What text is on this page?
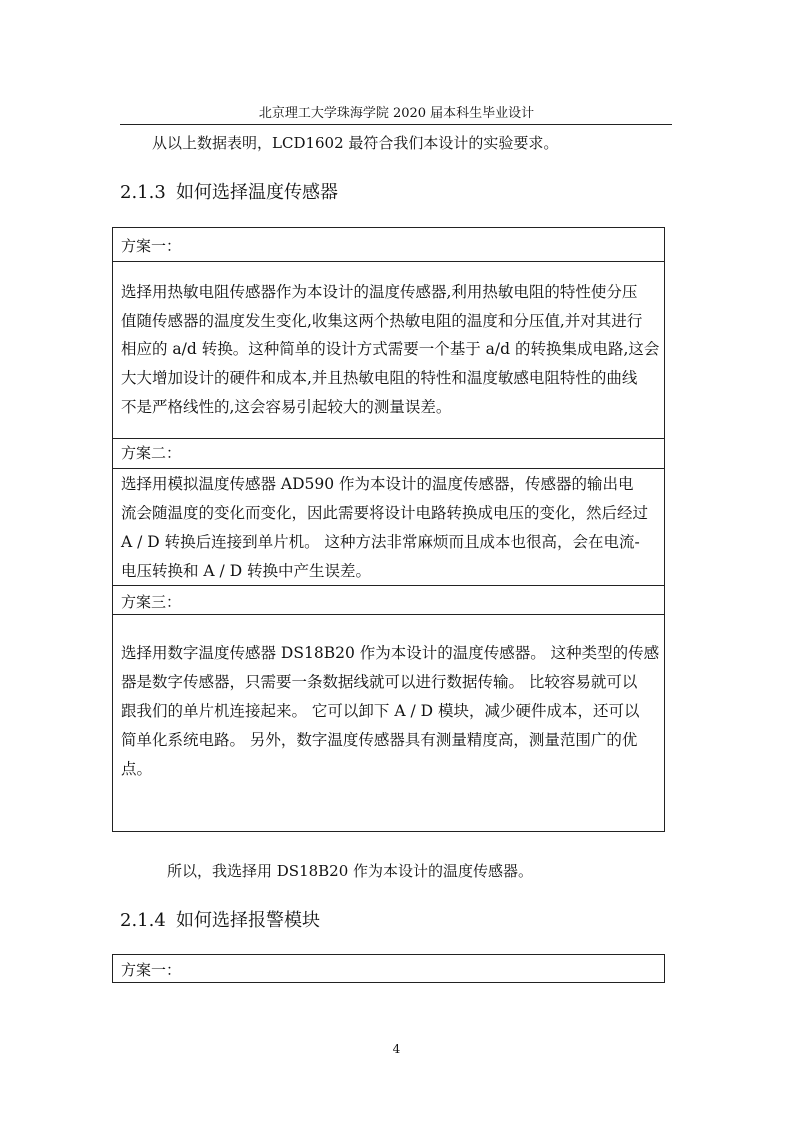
北京理工大学珠海学院 2020 届本科生毕业设计
从以上数据表明，LCD1602 最符合我们本设计的实验要求。
2.1.3 如何选择温度传感器
方案一：
选择用热敏电阻传感器作为本设计的温度传感器,利用热敏电阻的特性使分压
值随传感器的温度发生变化,收集这两个热敏电阻的温度和分压值,并对其进行
相应的 a/d 转换。这种简单的设计方式需要一个基于 a/d 的转换集成电路,这会
大大增加设计的硬件和成本,并且热敏电阻的特性和温度敏感电阻特性的曲线
不是严格线性的,这会容易引起较大的测量误差。
方案二：
选择用模拟温度传感器 AD590 作为本设计的温度传感器，传感器的输出电
流会随温度的变化而变化，因此需要将设计电路转换成电压的变化，然后经过
A / D 转换后连接到单片机。 这种方法非常麻烦而且成本也很高，会在电流-
电压转换和 A / D 转换中产生误差。
方案三：
选择用数字温度传感器 DS18B20 作为本设计的温度传感器。 这种类型的传感
器是数字传感器，只需要一条数据线就可以进行数据传输。 比较容易就可以
跟我们的单片机连接起来。 它可以卸下 A / D 模块，减少硬件成本，还可以
简单化系统电路。 另外，数字温度传感器具有测量精度高，测量范围广的优
点。
所以，我选择用 DS18B20 作为本设计的温度传感器。
2.1.4 如何选择报警模块
方案一：
4
